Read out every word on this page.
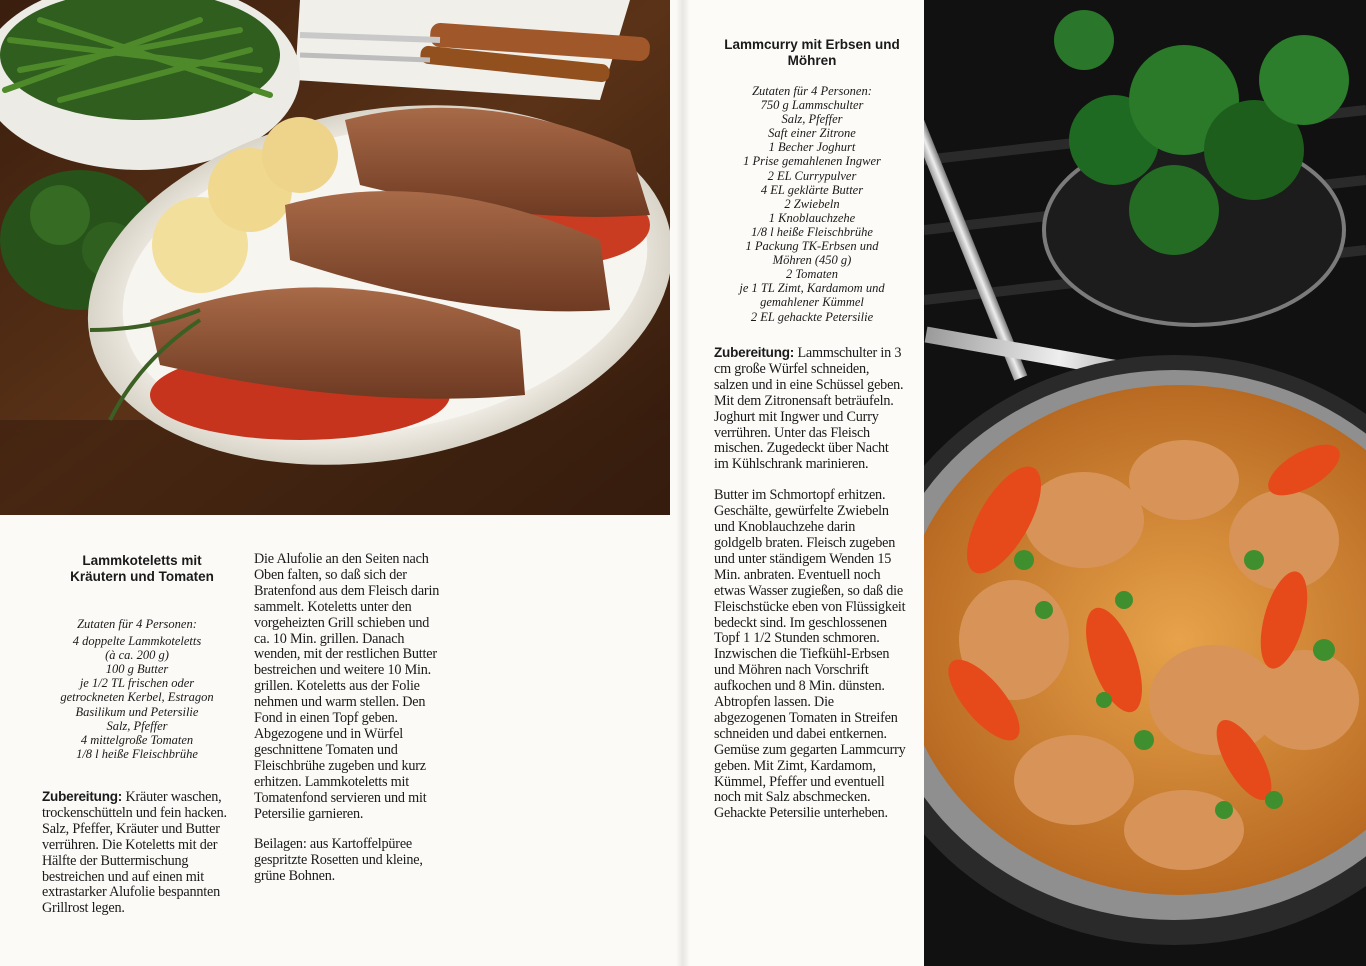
Lammkoteletts mit Kräutern und Tomaten
Zutaten für 4 Personen:
4 doppelte Lammkoteletts
(à ca. 200 g)
100 g Butter
je 1/2 TL frischen oder
getrockneten Kerbel, Estragon
Basilikum und Petersilie
Salz, Pfeffer
4 mittelgroße Tomaten
1/8 l heiße Fleischbrühe

Zubereitung: Kräuter waschen, trockenschütteln und fein hacken. Salz, Pfeffer, Kräuter und Butter verrühren. Die Koteletts mit der Hälfte der Buttermischung bestreichen und auf einen mit extrastarker Alufolie bespannten Grillrost legen.

Die Alufolie an den Seiten nach Oben falten, so daß sich der Bratenfond aus dem Fleisch darin sammelt. Koteletts unter den vorgeheizten Grill schieben und ca. 10 Min. grillen. Danach wenden, mit der restlichen Butter bestreichen und weitere 10 Min. grillen. Koteletts aus der Folie nehmen und warm stellen. Den Fond in einen Topf geben. Abgezogene und in Würfel geschnittene Tomaten und Fleischbrühe zugeben und kurz erhitzen. Lammkoteletts mit Tomatenfond servieren und mit Petersilie garnieren.

Beilagen: aus Kartoffelpüree gespritzte Rosetten und kleine, grüne Bohnen.

Lammcurry mit Erbsen und Möhren
Zutaten für 4 Personen:
750 g Lammschulter
Salz, Pfeffer
Saft einer Zitrone
1 Becher Joghurt
1 Prise gemahlenen Ingwer
2 EL Currypulver
4 EL geklärte Butter
2 Zwiebeln
1 Knoblauchzehe
1/8 l heiße Fleischbrühe
1 Packung TK-Erbsen und
Möhren (450 g)
2 Tomaten
je 1 TL Zimt, Kardamom und
gemahlener Kümmel
2 EL gehackte Petersilie

Zubereitung: Lammschulter in 3 cm große Würfel schneiden, salzen und in eine Schüssel geben. Mit dem Zitronensaft beträufeln. Joghurt mit Ingwer und Curry verrühren. Unter das Fleisch mischen. Zugedeckt über Nacht im Kühlschrank marinieren.

Butter im Schmortopf erhitzen. Geschälte, gewürfelte Zwiebeln und Knoblauchzehe darin goldgelb braten. Fleisch zugeben und unter ständigem Wenden 15 Min. anbraten. Eventuell noch etwas Wasser zugießen, so daß die Fleischstücke eben von Flüssigkeit bedeckt sind. Im geschlossenen Topf 1 1/2 Stunden schmoren. Inzwischen die Tiefkühl-Erbsen und Möhren nach Vorschrift aufkochen und 8 Min. dünsten. Abtropfen lassen. Die abgezogenen Tomaten in Streifen schneiden und dabei entkernen. Gemüse zum gegarten Lammcurry geben. Mit Zimt, Kardamom, Kümmel, Pfeffer und eventuell noch mit Salz abschmecken. Gehackte Petersilie unterheben.
